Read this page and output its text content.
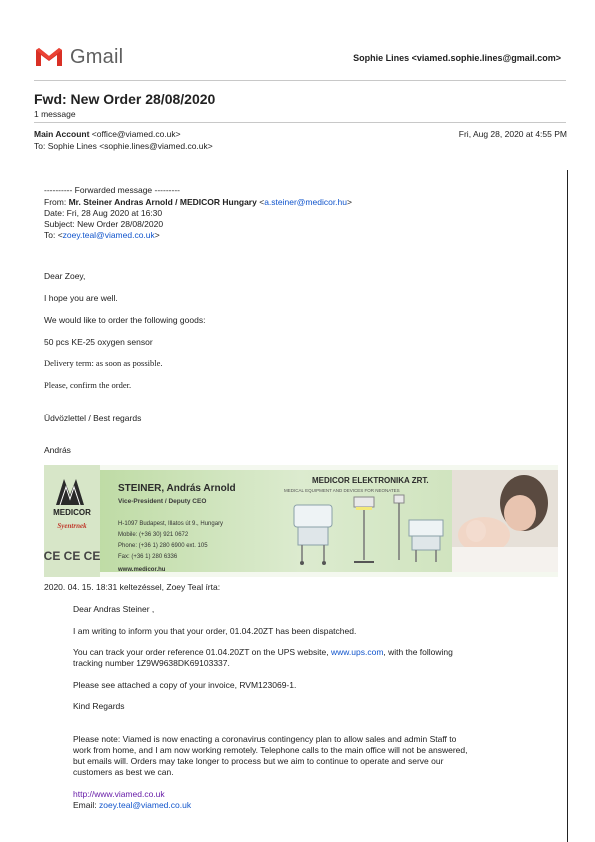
Gmail	Sophie Lines <viamed.sophie.lines@gmail.com>
Fwd: New Order 28/08/2020
1 message
Main Account <office@viamed.co.uk>	Fri, Aug 28, 2020 at 4:55 PM
To: Sophie Lines <sophie.lines@viamed.co.uk>
---------- Forwarded message ---------
From: Mr. Steiner Andras Arnold / MEDICOR Hungary <a.steiner@medicor.hu>
Date: Fri, 28 Aug 2020 at 16:30
Subject: New Order 28/08/2020
To: <zoey.teal@viamed.co.uk>
Dear Zoey,
I hope you are well.
We would like to order the following goods:
50 pcs KE-25 oxygen sensor
Delivery term: as soon as possible.
Please, confirm the order.
Üdvözlettel / Best regards
András
MEDICOR
Syentrnek
CE CE CE
STEINER, András Arnold
Vice-President / Deputy CEO
H-1097 Budapest, Illatos út 9., Hungary
Mobile: (+36 30) 921 0672
Phone: (+36 1) 280 6900 ext. 105
Fax: (+36 1) 280 6336
www.medicor.hu
MEDICOR ELEKTRONIKA ZRT.
MEDICAL EQUIPMENT AND DEVICES FOR NEONATES
2020. 04. 15. 18:31 keltezéssel, Zoey Teal írta:
Dear Andras Steiner ,
I am writing to inform you that your order, 01.04.20ZT has been dispatched.
You can track your order reference 01.04.20ZT on the UPS website, www.ups.com, with the following
tracking number 1Z9W9638DK69103337.
Please see attached a copy of your invoice, RVM123069-1.
Kind Regards
Please note: Viamed is now enacting a coronavirus contingency plan to allow sales and admin Staff to
work from home, and I am now working remotely. Telephone calls to the main office will not be answered,
but emails will. Orders may take longer to process but we aim to continue to operate and serve our
customers as best we can.
http://www.viamed.co.uk
Email: zoey.teal@viamed.co.uk
